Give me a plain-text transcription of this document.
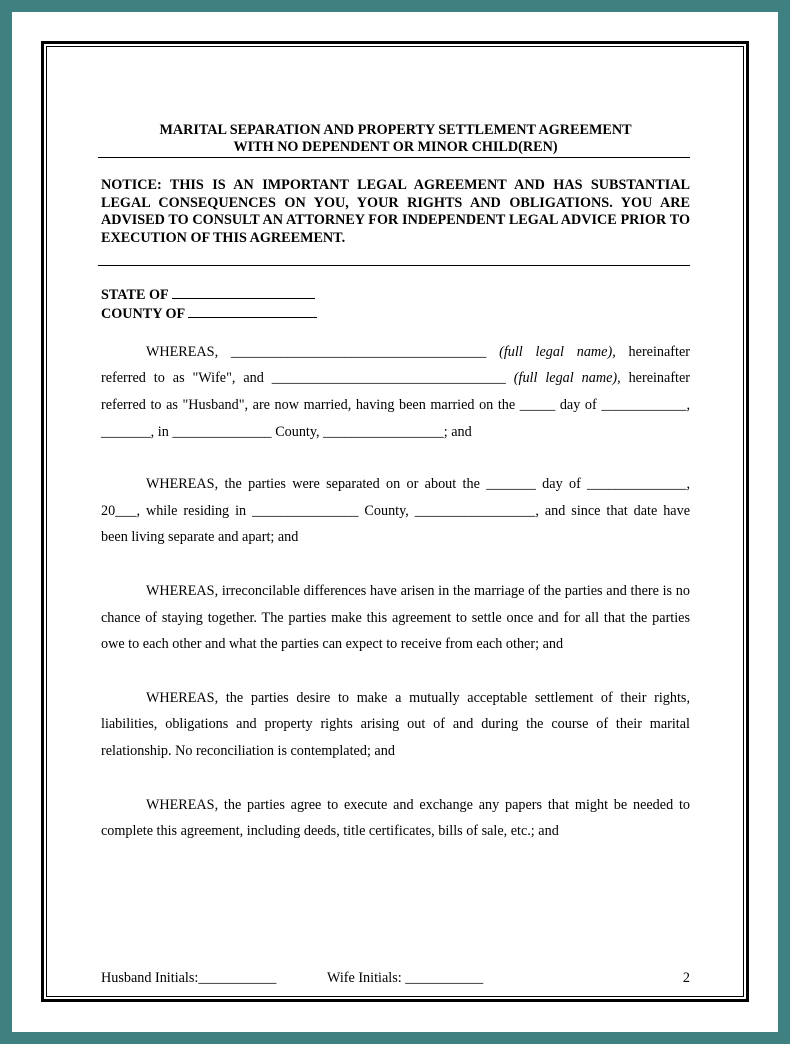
MARITAL SEPARATION AND PROPERTY SETTLEMENT AGREEMENT
WITH NO DEPENDENT OR MINOR CHILD(REN)
NOTICE: THIS IS AN IMPORTANT LEGAL AGREEMENT AND HAS SUBSTANTIAL LEGAL CONSEQUENCES ON YOU, YOUR RIGHTS AND OBLIGATIONS. YOU ARE ADVISED TO CONSULT AN ATTORNEY FOR INDEPENDENT LEGAL ADVICE PRIOR TO EXECUTION OF THIS AGREEMENT.
STATE OF
COUNTY OF
WHEREAS, ____________________________________ (full legal name), hereinafter referred to as "Wife", and _________________________________ (full legal name), hereinafter referred to as "Husband", are now married, having been married on the _____ day of ____________, _______, in ______________ County, _________________; and
WHEREAS, the parties were separated on or about the _______ day of ______________, 20___, while residing in _______________ County, _________________, and since that date have been living separate and apart; and
WHEREAS, irreconcilable differences have arisen in the marriage of the parties and there is no chance of staying together. The parties make this agreement to settle once and for all that the parties owe to each other and what the parties can expect to receive from each other; and
WHEREAS, the parties desire to make a mutually acceptable settlement of their rights, liabilities, obligations and property rights arising out of and during the course of their marital relationship. No reconciliation is contemplated; and
WHEREAS, the parties agree to execute and exchange any papers that might be needed to complete this agreement, including deeds, title certificates, bills of sale, etc.; and
Husband Initials:___________	Wife Initials: ___________	2
